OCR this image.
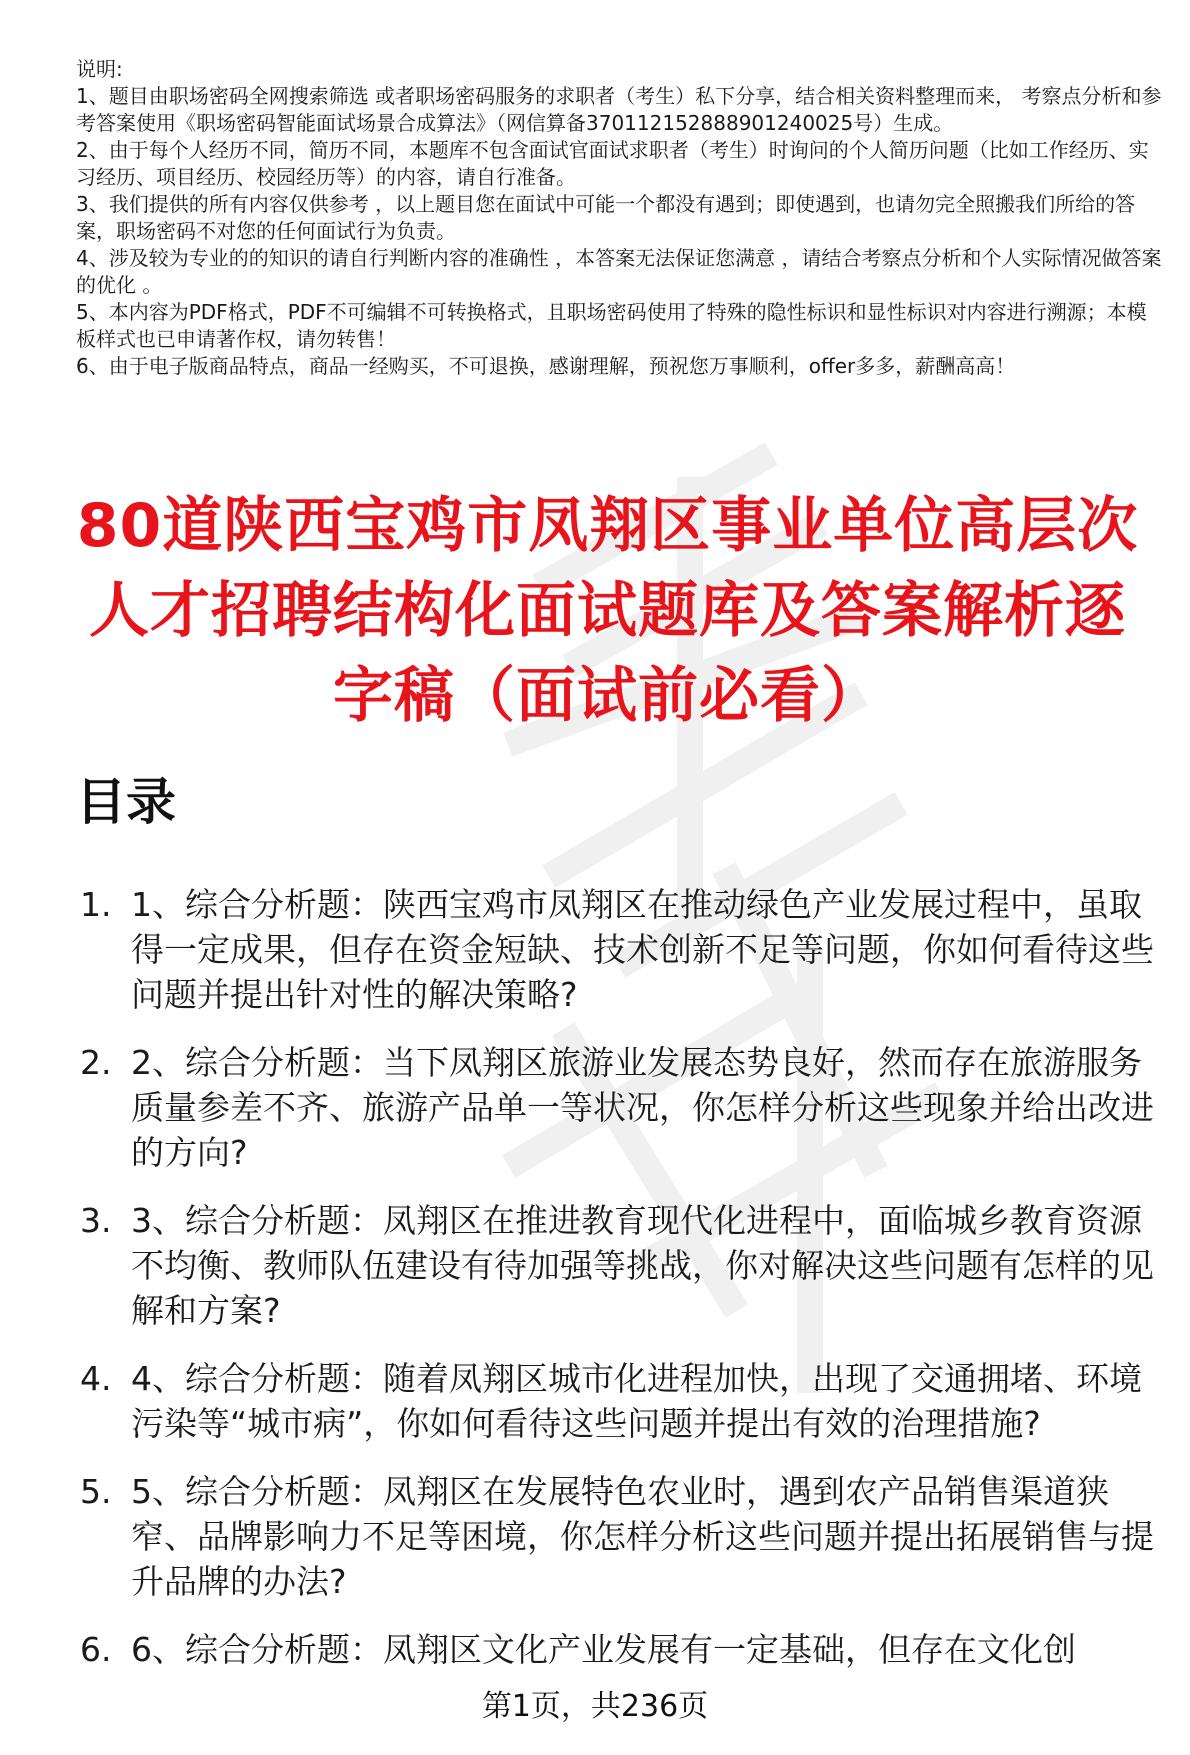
说明:

1、题目由职场密码全网搜索筛选 或者职场密码服务的求职者（考生）私下分享，结合相关资料整理而来， 考察点分析和参考答案使用《职场密码智能面试场景合成算法》（网信算备370112152888901240025号）生成。

2、由于每个人经历不同，简历不同，本题库不包含面试官面试求职者（考生）时询问的个人简历问题（比如工作经历、实习经历、项目经历、校园经历等）的内容，请自行准备。

3、我们提供的所有内容仅供参考 ，以上题目您在面试中可能一个都没有遇到；即使遇到，也请勿完全照搬我们所给的答案，职场密码不对您的任何面试行为负责。

4、涉及较为专业的的知识的请自行判断内容的准确性 ，本答案无法保证您满意 ，请结合考察点分析和个人实际情况做答案的优化 。

5、本内容为PDF格式，PDF不可编辑不可转换格式，且职场密码使用了特殊的隐性标识和显性标识对内容进行溯源；本模板样式也已申请著作权，请勿转售！

6、由于电子版商品特点，商品一经购买，不可退换，感谢理解，预祝您万事顺利，offer多多，薪酬高高！

80道陕西宝鸡市凤翔区事业单位高层次人才招聘结构化面试题库及答案解析逐字稿（面试前必看）
目录
1. 1、综合分析题：陕西宝鸡市凤翔区在推动绿色产业发展过程中，虽取得一定成果，但存在资金短缺、技术创新不足等问题，你如何看待这些问题并提出针对性的解决策略?
2. 2、综合分析题：当下凤翔区旅游业发展态势良好，然而存在旅游服务质量参差不齐、旅游产品单一等状况，你怎样分析这些现象并给出改进的方向?
3. 3、综合分析题：凤翔区在推进教育现代化进程中，面临城乡教育资源不均衡、教师队伍建设有待加强等挑战，你对解决这些问题有怎样的见解和方案?
4. 4、综合分析题：随着凤翔区城市化进程加快，出现了交通拥堵、环境污染等“城市病”，你如何看待这些问题并提出有效的治理措施?
5. 5、综合分析题：凤翔区在发展特色农业时，遇到农产品销售渠道狭窄、品牌影响力不足等困境，你怎样分析这些问题并提出拓展销售与提升品牌的办法?
6. 6、综合分析题：凤翔区文化产业发展有一定基础，但存在文化创
第1页，共236页
